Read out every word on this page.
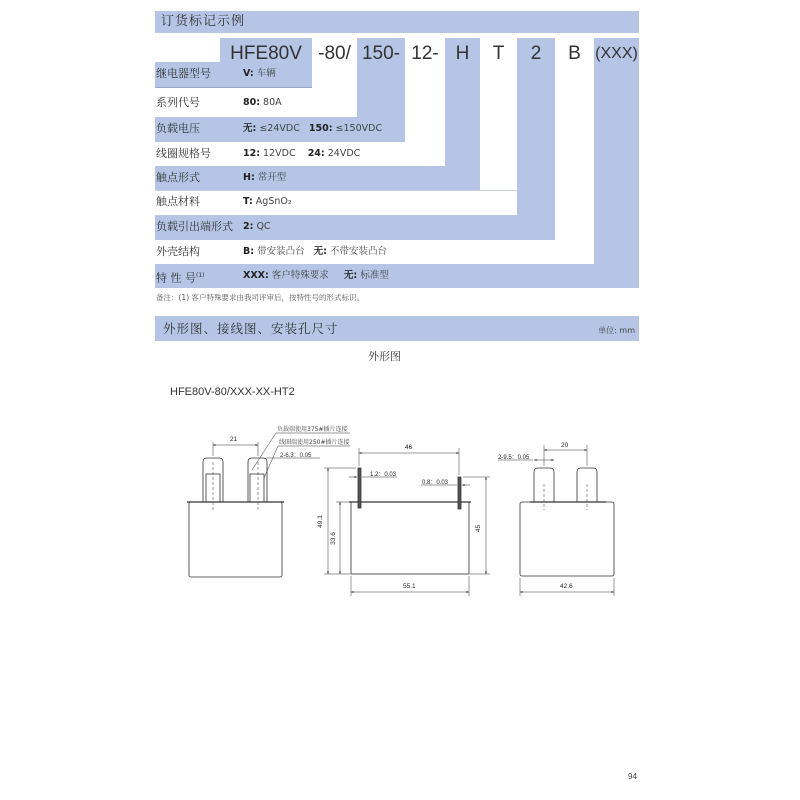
订货标记示例
HFE80V -80/ 150- 12- H	T	2	B (XXX)
继电器型号	V: 车辆
系列代号	80: 80A
负载电压	无: ≤24VDC 150: ≤150VDC
线圈规格号	12: 12VDC 24: 24VDC
触点形式	H: 常开型
触点材料	T: AgSnO₂
负载引出端形式 2: QC
外壳结构	B: 带安装凸台 无: 不带安装凸台
特 性 号$^{(1)}$	XXX: 客户特殊要求 无: 标准型
备注：(1) 客户特殊要求由我司评审后，按特性号的形式标识。
外形图、接线图、安装孔尺寸	单位: mm
外形图
HFE80V-80/XXX-XX-HT2
21
负载端使用375#插片连接
线圈端使用250#插片连接
2-6.3：0.05
46
1.2：0.03
0.8：0.03
49.1
33.6
45
55.1
20
2-9.5：0.05
42.6
94
